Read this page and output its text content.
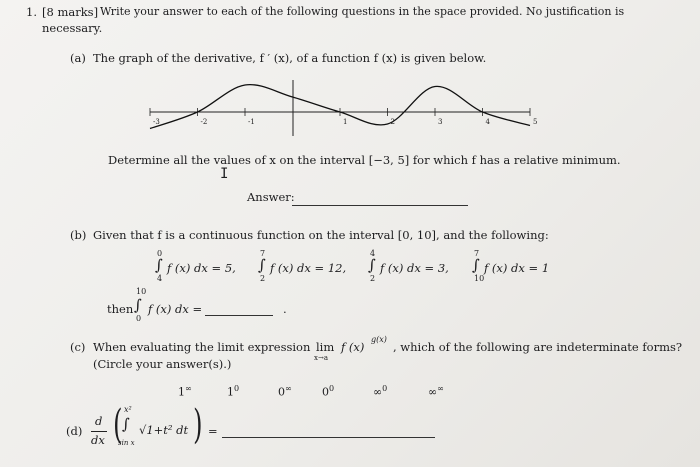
1. [8 marks] Write your answer to each of the following questions in the space provided. No justification is
necessary.
(a) The graph of the derivative, f ′ (x), of a function f (x) is given below.
-3	-2	-1	1	2	3	4	5
Determine all the values of x on the interval [−3, 5] for which f has a relative minimum.
I
Answer:
(b) Given that f is a continuous function on the interval [0, 10], and the following:
0
∫
4
f (x) dx = 5,
7
∫
2
f (x) dx = 12,
4
∫
2
f (x) dx = 3,
7
∫
10
f (x) dx = 1
then
10
∫
0
f (x) dx =	.
(c) When evaluating the limit expression lim
x→a
f (x)
g(x)
, which of the following are indeterminate forms?
(Circle your answer(s).)
1∞	$1^0$	0∞	$0^0$	∞$^0$	∞∞
(d)
d
dx ( x²
∫
sin x
√1+t² dt ) =
